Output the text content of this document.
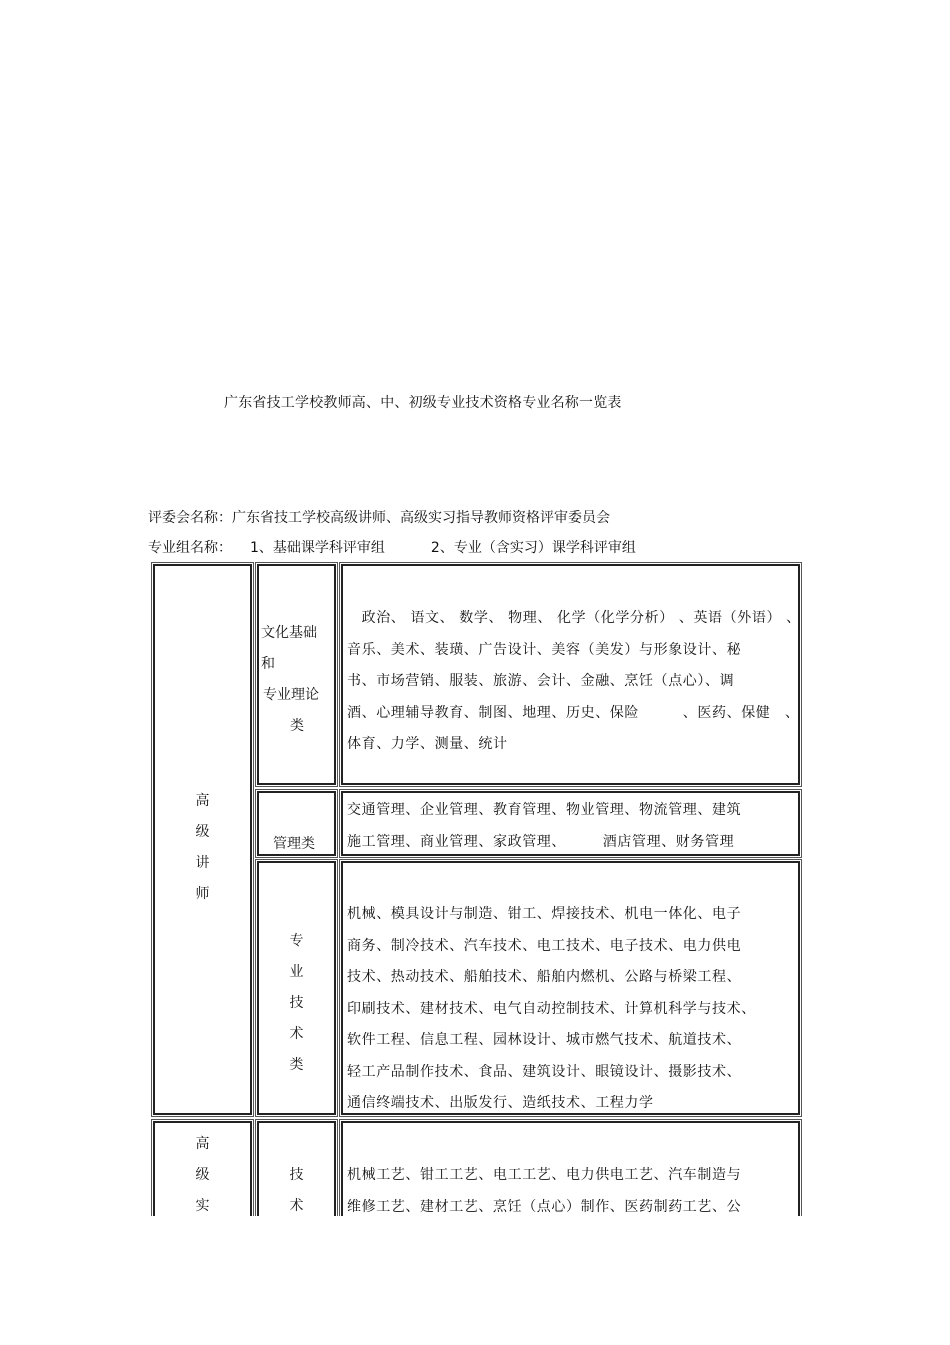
广东省技工学校教师高、中、初级专业技术资格专业名称一览表
评委会名称：广东省技工学校高级讲师、高级实习指导教师资格评审委员会
专业组名称： 1、基础课学科评审组	2、专业（含实习）课学科评审组
高
级
讲
师
高
级
实
文化基础
和
专业理论
类
　政治、 语文、 数学、 物理、 化学（化学分析） 、英语（外语） 、
音乐、美术、装璜、广告设计、美容（美发）与形象设计、秘
书、市场营销、服装、旅游、会计、金融、烹饪（点心）、调
酒、心理辅导教育、制图、地理、历史、保险　　　、医药、保健　、
体育、力学、测量、统计
管理类
交通管理、企业管理、教育管理、物业管理、物流管理、建筑
施工管理、商业管理、家政管理、　　　酒店管理、财务管理
专
业
技
术
类
机械、模具设计与制造、钳工、焊接技术、机电一体化、电子
商务、制冷技术、汽车技术、电工技术、电子技术、电力供电
技术、热动技术、船舶技术、船舶内燃机、公路与桥梁工程、
印刷技术、建材技术、电气自动控制技术、计算机科学与技术、
软件工程、信息工程、园林设计、城市燃气技术、航道技术、
轻工产品制作技术、食品、建筑设计、眼镜设计、摄影技术、
通信终端技术、出版发行、造纸技术、工程力学
技
术
机械工艺、钳工工艺、电工工艺、电力供电工艺、汽车制造与
维修工艺、建材工艺、烹饪（点心）制作、医药制药工艺、公
